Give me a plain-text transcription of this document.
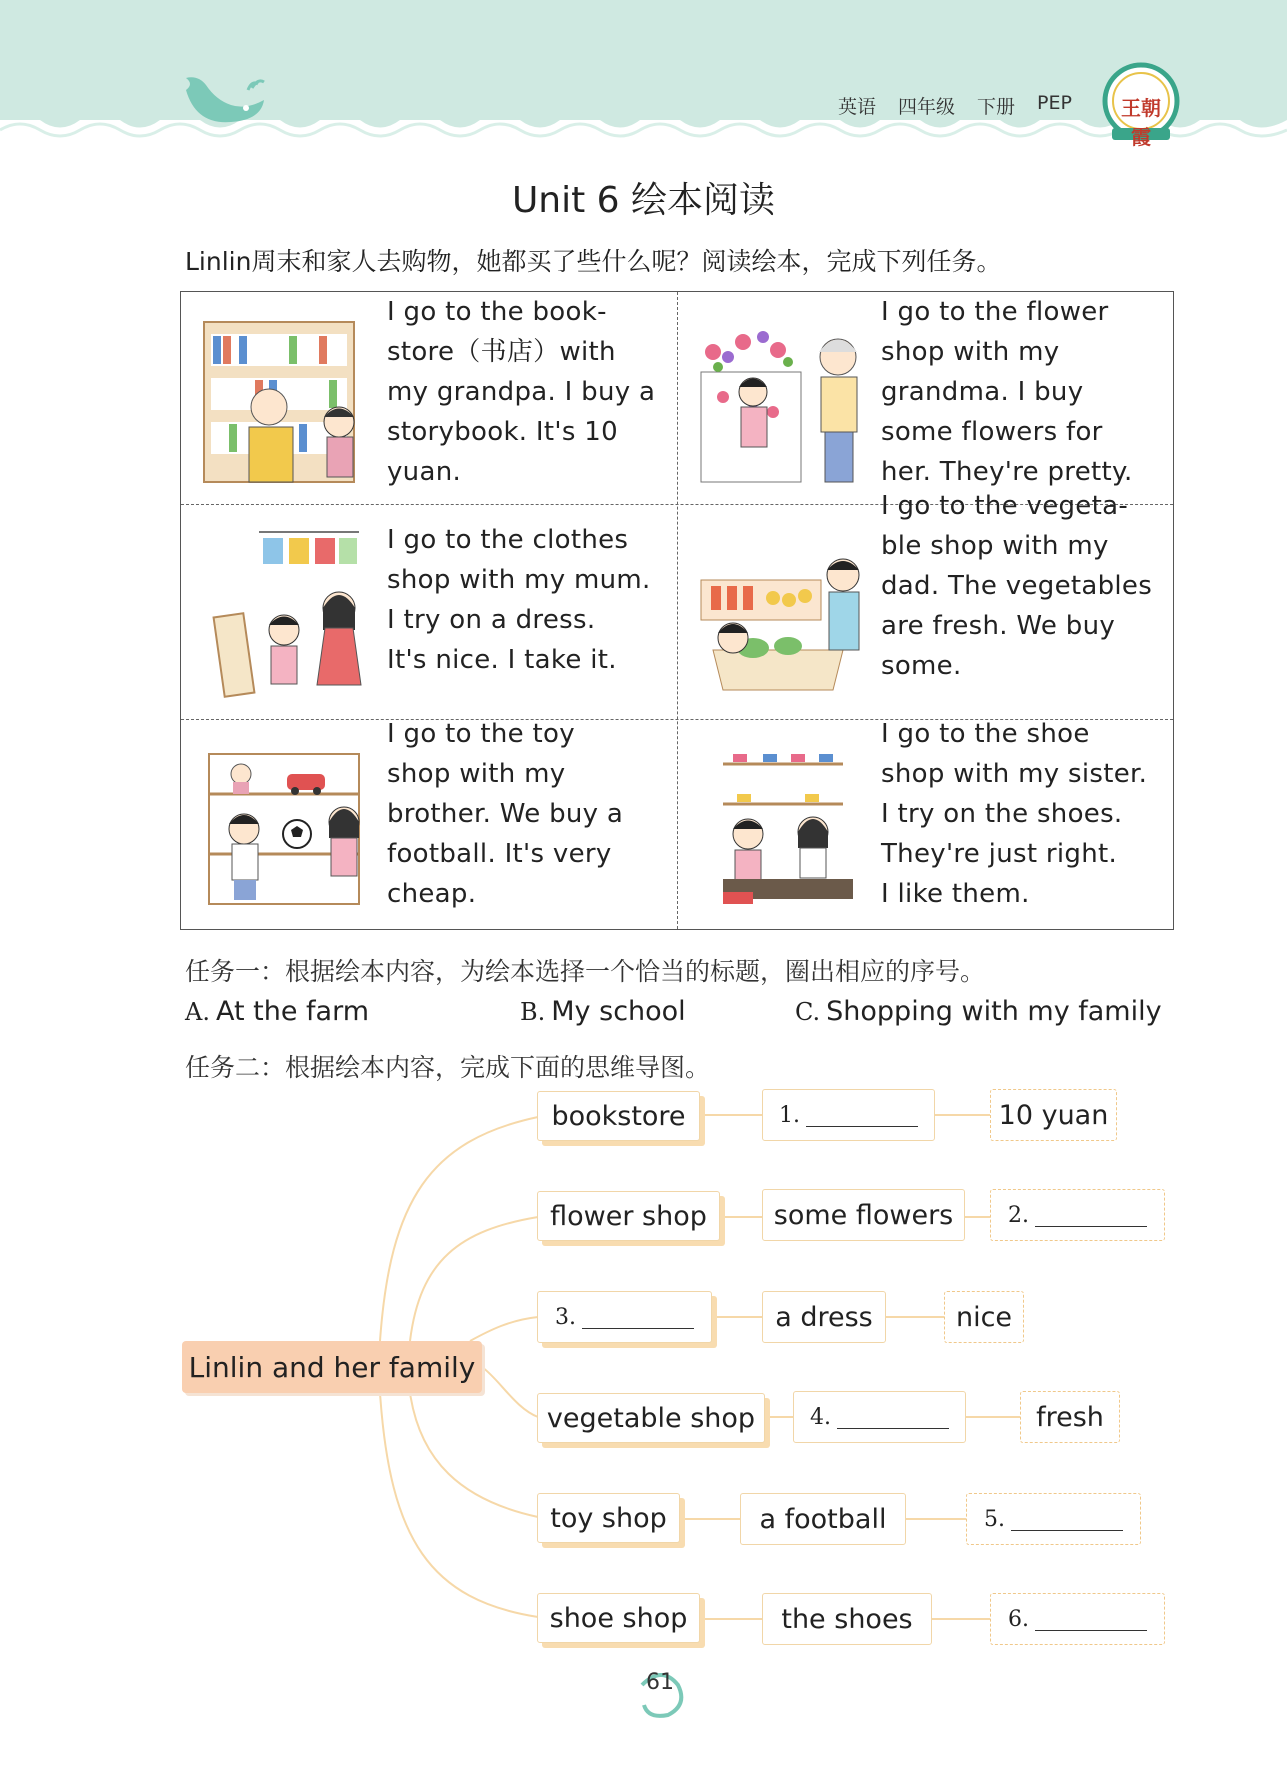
英语 四年级 下册 PEP	王朝霞
Unit 6 绘本阅读
Linlin周末和家人去购物，她都买了些什么呢？阅读绘本，完成下列任务。
I go to the book-
store（书店）with
my grandpa. I buy a
storybook. It's 10
yuan.
I go to the flower
shop with my
grandma. I buy
some flowers for
her. They're pretty.
I go to the clothes
shop with my mum.
I try on a dress.
It's nice. I take it.
I go to the vegeta-
ble shop with my
dad. The vegetables
are fresh. We buy
some.
I go to the toy
shop with my
brother. We buy a
football. It's very
cheap.
I go to the shoe
shop with my sister.
I try on the shoes.
They're just right.
I like them.
任务一：根据绘本内容，为绘本选择一个恰当的标题，圈出相应的序号。
A. At the farm	B. My school	C. Shopping with my family
任务二：根据绘本内容，完成下面的思维导图。
Linlin and her family
bookstore	1.	10 yuan
flower shop	some flowers	2.
3.	a dress	nice
vegetable shop	4.	fresh
toy shop	a football	5.
shoe shop	the shoes	6.
61
